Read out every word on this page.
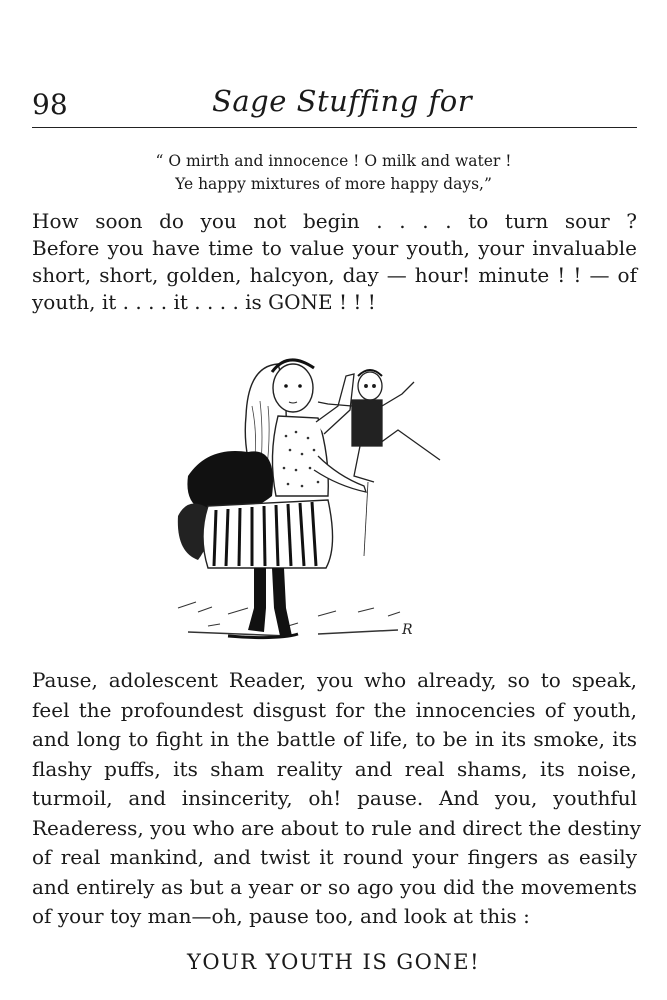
98	Sage Stuffing for
“ O mirth and innocence ! O milk and water !
Ye happy mixtures of more happy days,”
How soon do you not begin . . . . to turn sour ?
Before you have time to value your youth, your invaluable
short, short, golden, halcyon, day — hour! minute ! ! — of
youth, it . . . . it . . . . is GONE ! ! !
R
Pause, adolescent Reader, you who already, so to speak,
feel the profoundest disgust for the innocencies of youth,
and long to fight in the battle of life, to be in its smoke, its
flashy puffs, its sham reality and real shams, its noise,
turmoil, and insincerity, oh! pause. And you, youthful
Readeress, you who are about to rule and direct the destiny
of real mankind, and twist it round your fingers as easily
and entirely as but a year or so ago you did the movements
of your toy man—oh, pause too, and look at this :
YOUR YOUTH IS GONE!
